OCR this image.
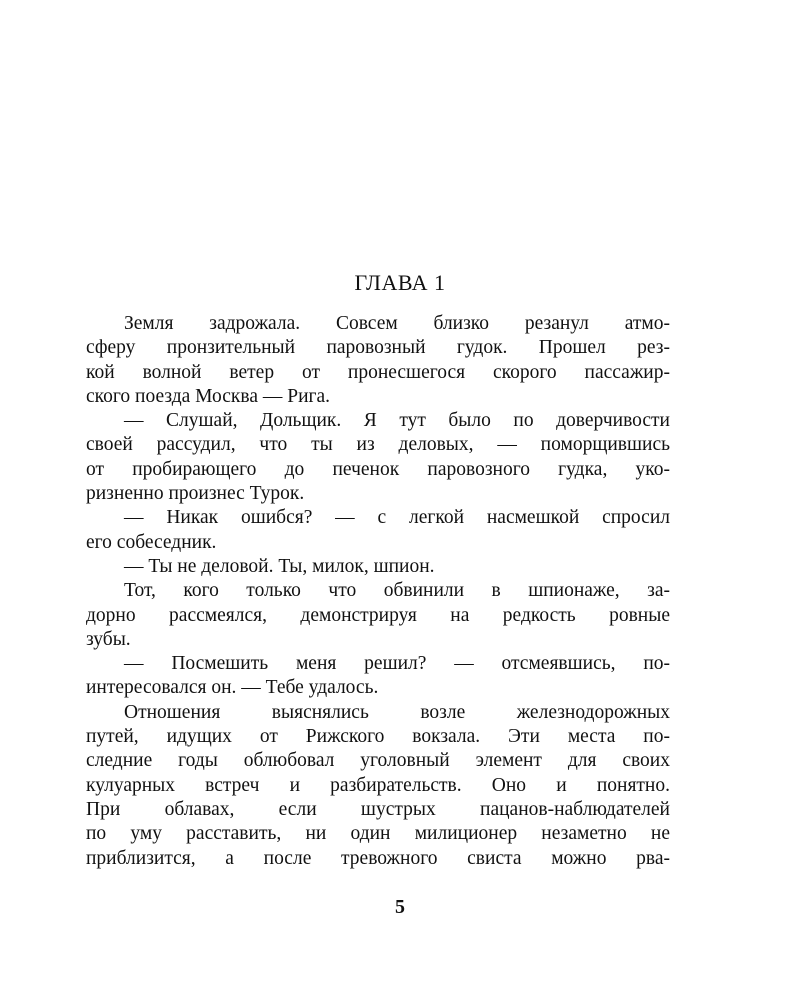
ГЛАВА 1
Земля задрожала. Совсем близко резанул атмо-
сферу пронзительный паровозный гудок. Прошел рез-
кой волной ветер от пронесшегося скорого пассажир-
ского поезда Москва — Рига.
— Слушай, Дольщик. Я тут было по доверчивости
своей рассудил, что ты из деловых, — поморщившись
от пробирающего до печенок паровозного гудка, уко-
ризненно произнес Турок.
— Никак ошибся? — с легкой насмешкой спросил
его собеседник.
— Ты не деловой. Ты, милок, шпион.
Тот, кого только что обвинили в шпионаже, за-
дорно рассмеялся, демонстрируя на редкость ровные
зубы.
— Посмешить меня решил? — отсмеявшись, по-
интересовался он. — Тебе удалось.
Отношения выяснялись возле железнодорожных
путей, идущих от Рижского вокзала. Эти места по-
следние годы облюбовал уголовный элемент для своих
кулуарных встреч и разбирательств. Оно и понятно.
При облавах, если шустрых пацанов-наблюдателей
по уму расставить, ни один милиционер незаметно не
приблизится, а после тревожного свиста можно рва-
5
